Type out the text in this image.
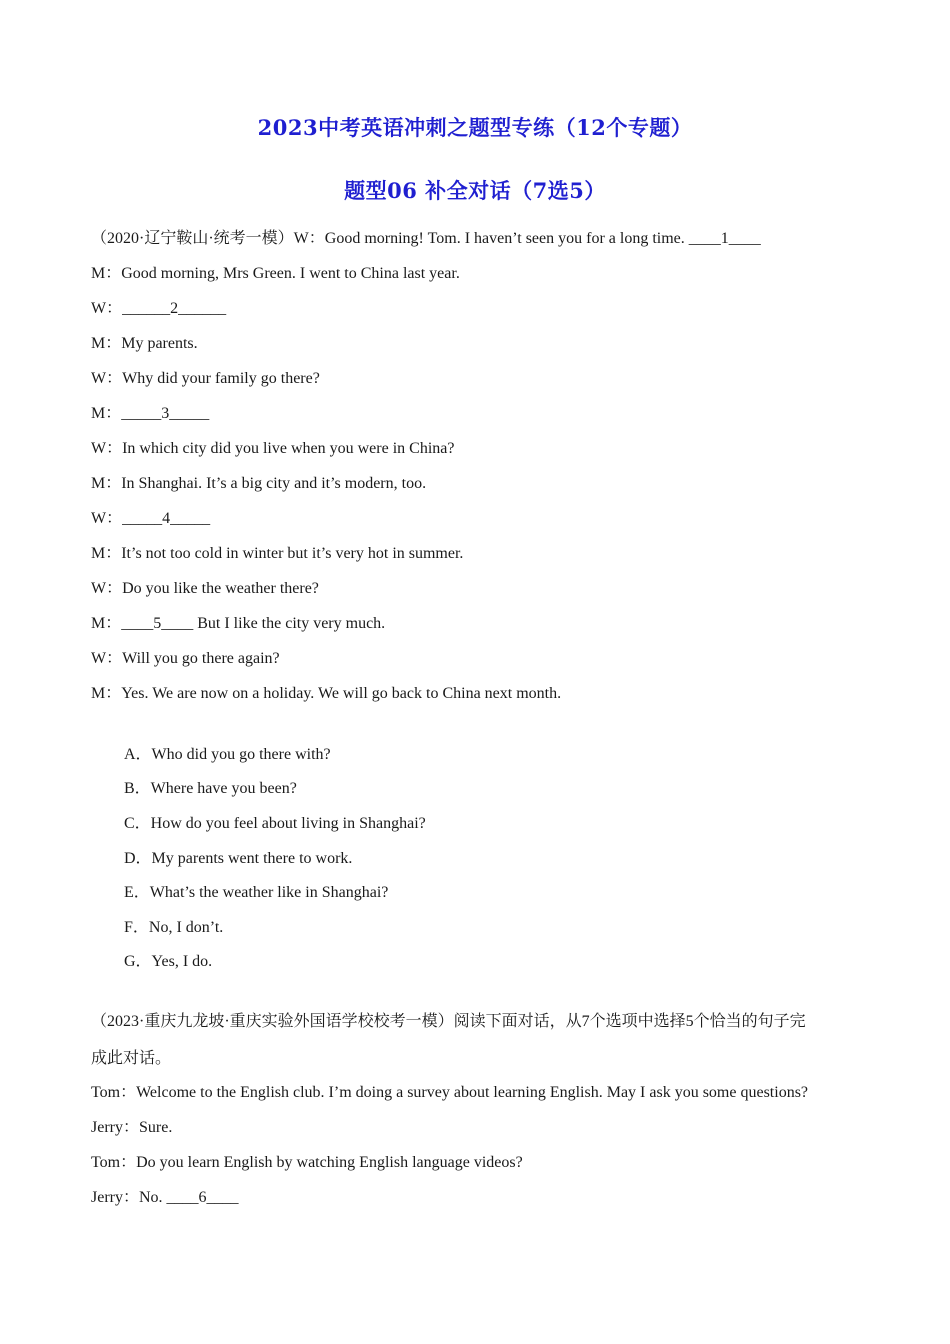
2023中考英语冲刺之题型专练（12个专题）
题型06 补全对话（7选5）
（2020·辽宁鞍山·统考一模）W：Good morning! Tom. I haven’t seen you for a long time. ____1____
M：Good morning, Mrs Green. I went to China last year.
W：______2______
M：My parents.
W：Why did your family go there?
M：_____3_____
W：In which city did you live when you were in China?
M：In Shanghai. It’s a big city and it’s modern, too.
W：_____4_____
M：It’s not too cold in winter but it’s very hot in summer.
W：Do you like the weather there?
M：____5____ But I like the city very much.
W：Will you go there again?
M：Yes. We are now on a holiday. We will go back to China next month.
A．Who did you go there with?
B．Where have you been?
C．How do you feel about living in Shanghai?
D．My parents went there to work.
E．What’s the weather like in Shanghai?
F．No, I don’t.
G．Yes, I do.
（2023·重庆九龙坡·重庆实验外国语学校校考一模）阅读下面对话，从7个选项中选择5个恰当的句子完
成此对话。
Tom：Welcome to the English club. I’m doing a survey about learning English. May I ask you some questions?
Jerry：Sure.
Tom：Do you learn English by watching English language videos?
Jerry：No. ____6____
